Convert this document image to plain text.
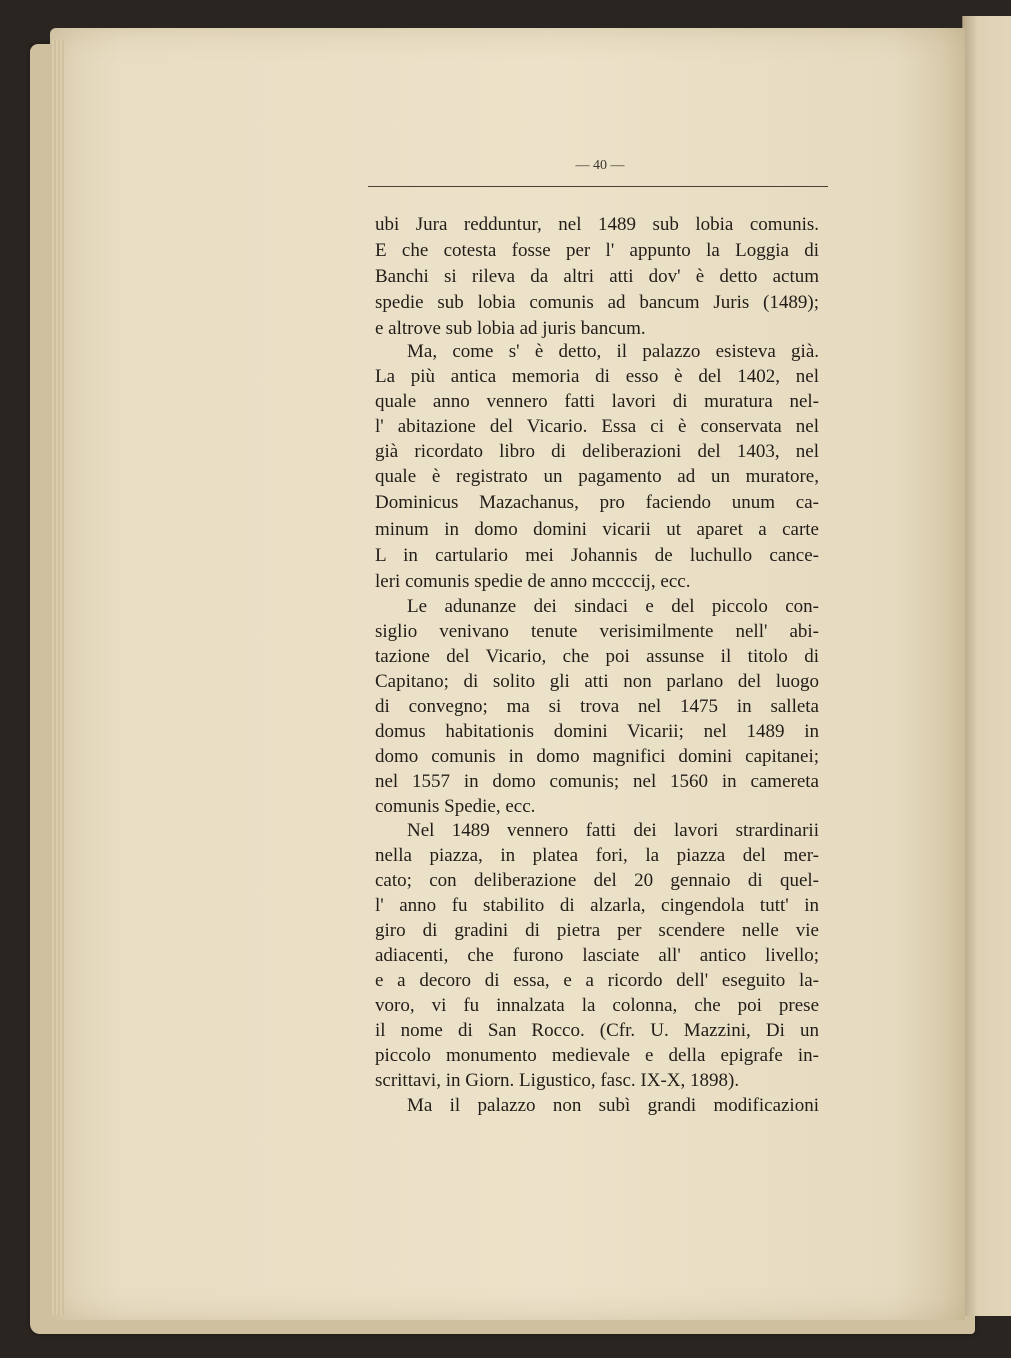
— 40 —
ubi Jura redduntur, nel 1489 sub lobia comunis.
E che cotesta fosse per l' appunto la Loggia di
Banchi si rileva da altri atti dov' è detto actum
spedie sub lobia comunis ad bancum Juris (1489);
e altrove sub lobia ad juris bancum.
Ma, come s' è detto, il palazzo esisteva già.
La più antica memoria di esso è del 1402, nel
quale anno vennero fatti lavori di muratura nel-
l' abitazione del Vicario. Essa ci è conservata nel
già ricordato libro di deliberazioni del 1403, nel
quale è registrato un pagamento ad un muratore,
Dominicus Mazachanus, pro faciendo unum ca-
minum in domo domini vicarii ut aparet a carte
L in cartulario mei Johannis de luchullo cance-
leri comunis spedie de anno mccccij, ecc.
Le adunanze dei sindaci e del piccolo con-
siglio venivano tenute verisimilmente nell' abi-
tazione del Vicario, che poi assunse il titolo di
Capitano; di solito gli atti non parlano del luogo
di convegno; ma si trova nel 1475 in salleta
domus habitationis domini Vicarii; nel 1489 in
domo comunis in domo magnifici domini capitanei;
nel 1557 in domo comunis; nel 1560 in camereta
comunis Spedie, ecc.
Nel 1489 vennero fatti dei lavori strardinarii
nella piazza, in platea fori, la piazza del mer-
cato; con deliberazione del 20 gennaio di quel-
l' anno fu stabilito di alzarla, cingendola tutt' in
giro di gradini di pietra per scendere nelle vie
adiacenti, che furono lasciate all' antico livello;
e a decoro di essa, e a ricordo dell' eseguito la-
voro, vi fu innalzata la colonna, che poi prese
il nome di San Rocco. (Cfr. U. Mazzini, Di un
piccolo monumento medievale e della epigrafe in-
scrittavi, in Giorn. Ligustico, fasc. IX-X, 1898).
Ma il palazzo non subì grandi modificazioni
